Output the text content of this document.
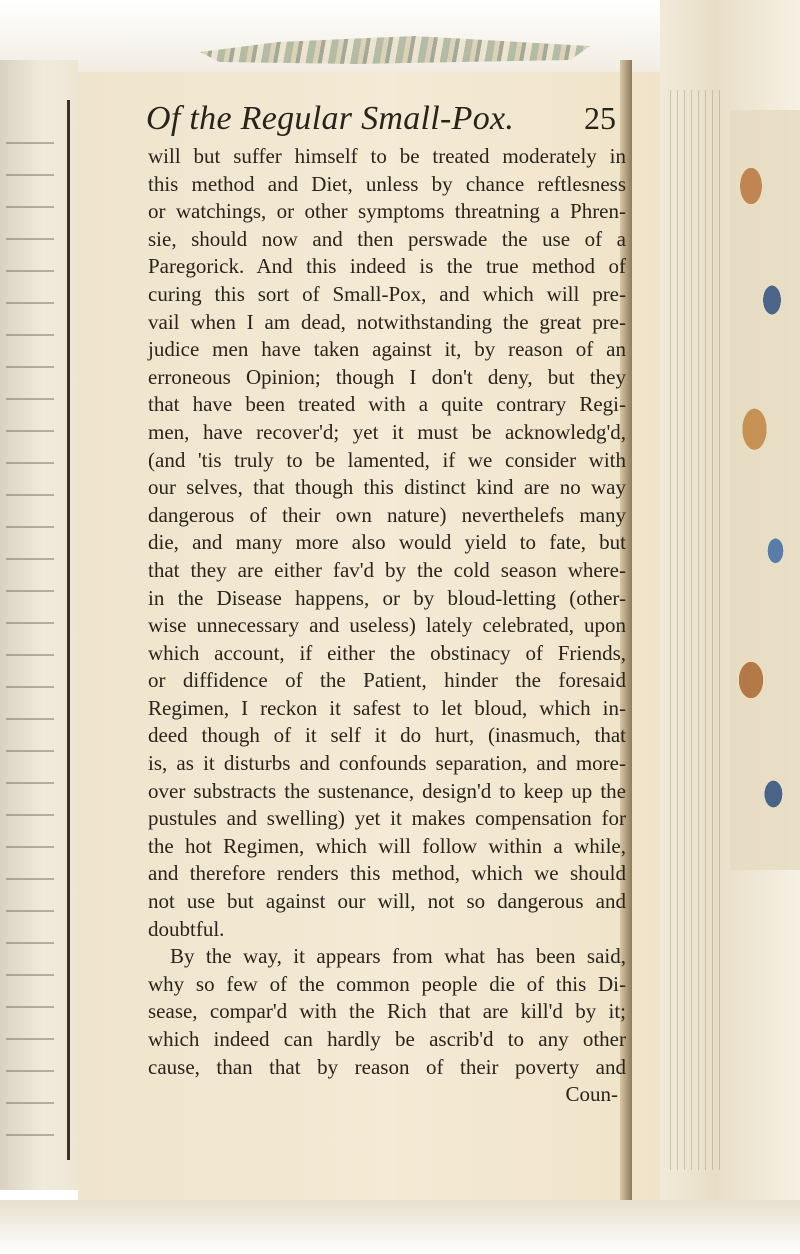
Of the Regular Small-Pox. 25
will but suffer himself to be treated moderately in
this method and Diet, unless by chance reftlesness
or watchings, or other symptoms threatning a Phren-
sie, should now and then perswade the use of a
Paregorick. And this indeed is the true method of
curing this sort of Small-Pox, and which will pre-
vail when I am dead, notwithstanding the great pre-
judice men have taken against it, by reason of an
erroneous Opinion; though I don't deny, but they
that have been treated with a quite contrary Regi-
men, have recover'd; yet it must be acknowledg'd,
(and 'tis truly to be lamented, if we consider with
our selves, that though this distinct kind are no way
dangerous of their own nature) neverthelefs many
die, and many more also would yield to fate, but
that they are either fav'd by the cold season where-
in the Disease happens, or by bloud-letting (other-
wise unnecessary and useless) lately celebrated, upon
which account, if either the obstinacy of Friends,
or diffidence of the Patient, hinder the foresaid
Regimen, I reckon it safest to let bloud, which in-
deed though of it self it do hurt, (inasmuch, that
is, as it disturbs and confounds separation, and more-
over substracts the sustenance, design'd to keep up the
pustules and swelling) yet it makes compensation for
the hot Regimen, which will follow within a while,
and therefore renders this method, which we should
not use but against our will, not so dangerous and
doubtful.
By the way, it appears from what has been said,
why so few of the common people die of this Di-
sease, compar'd with the Rich that are kill'd by it;
which indeed can hardly be ascrib'd to any other
cause, than that by reason of their poverty and
Coun-
